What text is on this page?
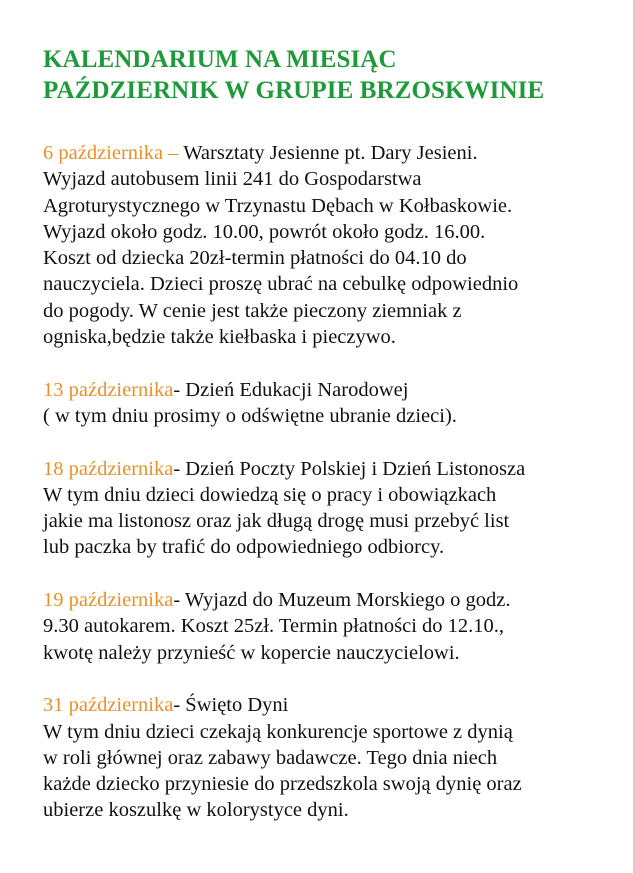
KALENDARIUM NA MIESIĄC
PAŹDZIERNIK W GRUPIE BRZOSKWINIE
6 października – Warsztaty Jesienne pt. Dary Jesieni.
Wyjazd autobusem linii 241 do Gospodarstwa
Agroturystycznego w Trzynastu Dębach w Kołbaskowie.
Wyjazd około godz. 10.00, powrót około godz. 16.00.
Koszt od dziecka 20zł-termin płatności do 04.10 do
nauczyciela. Dzieci proszę ubrać na cebulkę odpowiednio
do pogody. W cenie jest także pieczony ziemniak z
ogniska,będzie także kiełbaska i pieczywo.
13 października- Dzień Edukacji Narodowej
( w tym dniu prosimy o odświętne ubranie dzieci).
18 października- Dzień Poczty Polskiej i Dzień Listonosza
W tym dniu dzieci dowiedzą się o pracy i obowiązkach
jakie ma listonosz oraz jak długą drogę musi przebyć list
lub paczka by trafić do odpowiedniego odbiorcy.
19 października- Wyjazd do Muzeum Morskiego o godz.
9.30 autokarem. Koszt 25zł. Termin płatności do 12.10.,
kwotę należy przynieść w kopercie nauczycielowi.
31 października- Święto Dyni
W tym dniu dzieci czekają konkurencje sportowe z dynią
w roli głównej oraz zabawy badawcze. Tego dnia niech
każde dziecko przyniesie do przedszkola swoją dynię oraz
ubierze koszulkę w kolorystyce dyni.
